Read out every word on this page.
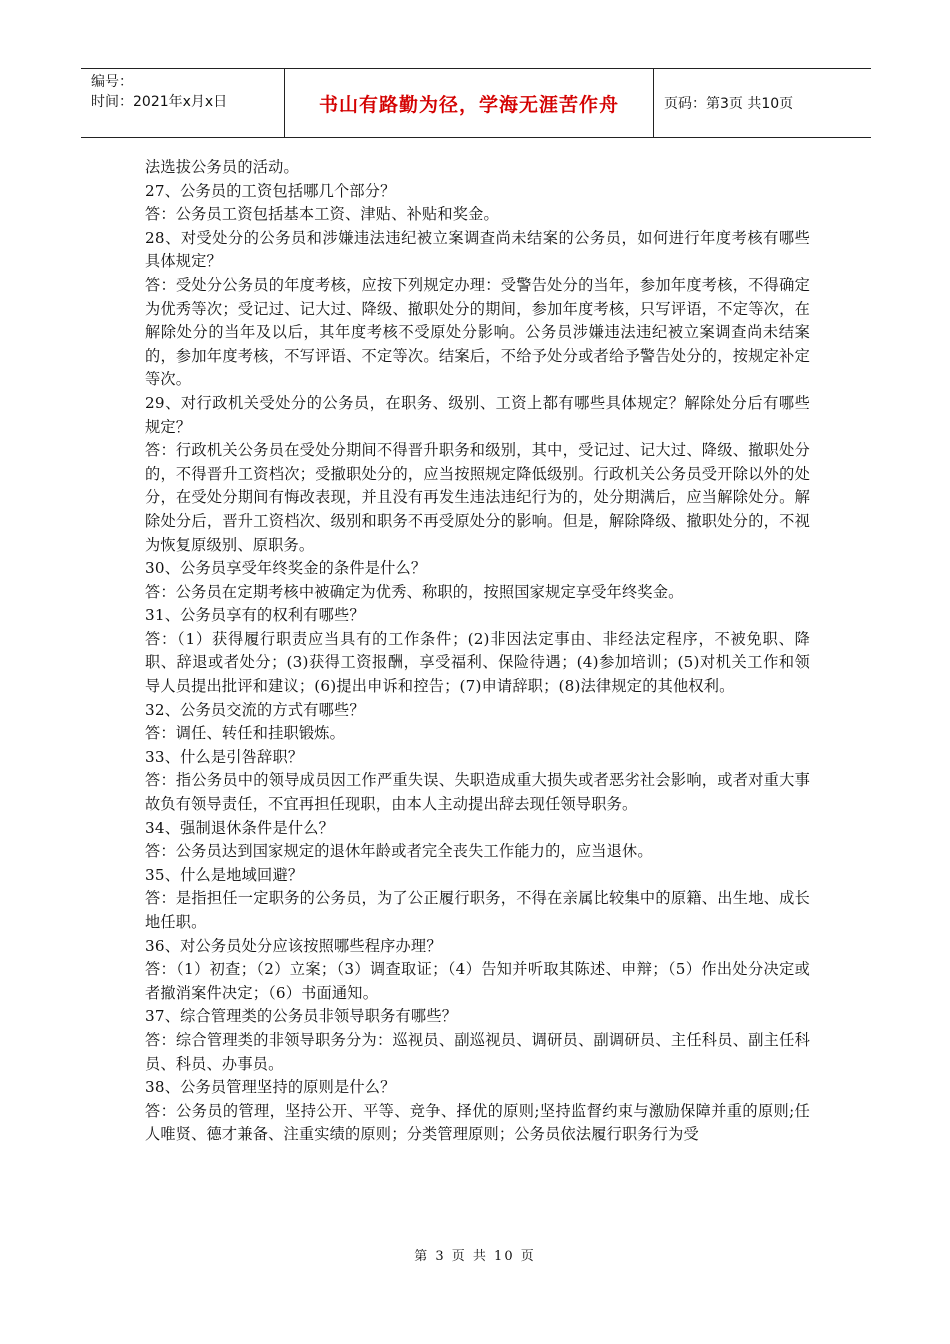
编号：
时间：2021年x月x日	书山有路勤为径，学海无涯苦作舟	页码：第3页 共10页

法选拔公务员的活动。

27、公务员的工资包括哪几个部分？

答：公务员工资包括基本工资、津贴、补贴和奖金。

28、对受处分的公务员和涉嫌违法违纪被立案调查尚未结案的公务员，如何进行年度考核有哪些具体规定？

答：受处分公务员的年度考核，应按下列规定办理：受警告处分的当年，参加年度考核，不得确定为优秀等次；受记过、记大过、降级、撤职处分的期间，参加年度考核，只写评语，不定等次，在解除处分的当年及以后，其年度考核不受原处分影响。公务员涉嫌违法违纪被立案调查尚未结案的，参加年度考核，不写评语、不定等次。结案后，不给予处分或者给予警告处分的，按规定补定等次。

29、对行政机关受处分的公务员，在职务、级别、工资上都有哪些具体规定？解除处分后有哪些规定？

答：行政机关公务员在受处分期间不得晋升职务和级别，其中，受记过、记大过、降级、撤职处分的，不得晋升工资档次；受撤职处分的，应当按照规定降低级别。行政机关公务员受开除以外的处分，在受处分期间有悔改表现，并且没有再发生违法违纪行为的，处分期满后，应当解除处分。解除处分后，晋升工资档次、级别和职务不再受原处分的影响。但是，解除降级、撤职处分的，不视为恢复原级别、原职务。

30、公务员享受年终奖金的条件是什么？

答：公务员在定期考核中被确定为优秀、称职的，按照国家规定享受年终奖金。

31、公务员享有的权利有哪些？

答：（1）获得履行职责应当具有的工作条件；(2)非因法定事由、非经法定程序，不被免职、降职、辞退或者处分；(3)获得工资报酬，享受福利、保险待遇；(4)参加培训；(5)对机关工作和领导人员提出批评和建议；(6)提出申诉和控告；(7)申请辞职；(8)法律规定的其他权利。

32、公务员交流的方式有哪些？

答：调任、转任和挂职锻炼。

33、什么是引咎辞职？

答：指公务员中的领导成员因工作严重失误、失职造成重大损失或者恶劣社会影响，或者对重大事故负有领导责任，不宜再担任现职，由本人主动提出辞去现任领导职务。

34、强制退休条件是什么？

答：公务员达到国家规定的退休年龄或者完全丧失工作能力的，应当退休。

35、什么是地域回避？

答：是指担任一定职务的公务员，为了公正履行职务，不得在亲属比较集中的原籍、出生地、成长地任职。

36、对公务员处分应该按照哪些程序办理？

答：（1）初查；（2）立案；（3）调查取证；（4）告知并听取其陈述、申辩；（5）作出处分决定或者撤消案件决定；（6）书面通知。

37、综合管理类的公务员非领导职务有哪些？

答：综合管理类的非领导职务分为：巡视员、副巡视员、调研员、副调研员、主任科员、副主任科员、科员、办事员。

38、公务员管理坚持的原则是什么？

答：公务员的管理，坚持公开、平等、竞争、择优的原则;坚持监督约束与激励保障并重的原则;任人唯贤、德才兼备、注重实绩的原则；分类管理原则；公务员依法履行职务行为受

第 3 页 共 10 页
